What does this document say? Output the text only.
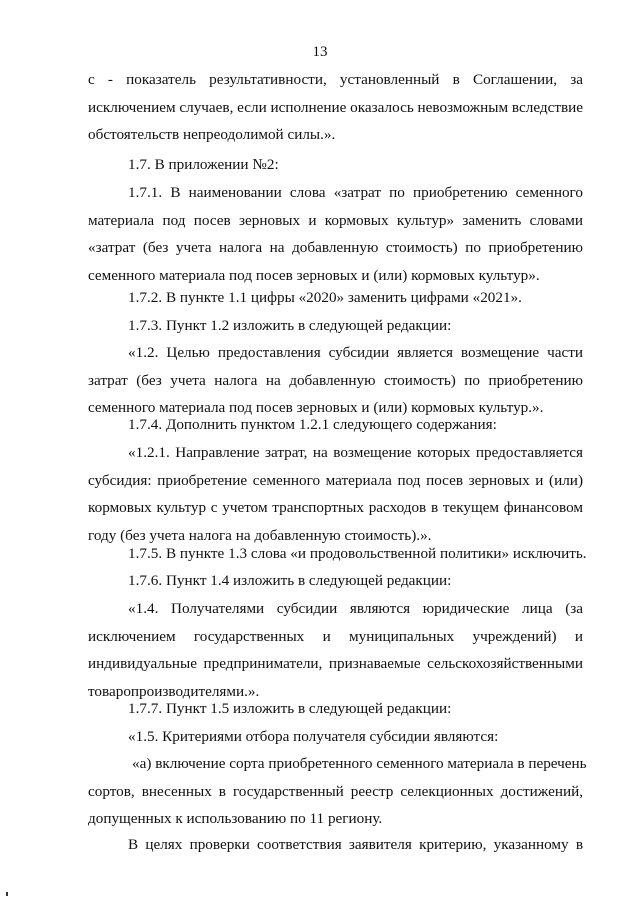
13
с - показатель результативности, установленный в Соглашении, за
исключением случаев, если исполнение оказалось невозможным вследствие
обстоятельств непреодолимой силы.».
1.7. В приложении №2:
1.7.1. В наименовании слова «затрат по приобретению семенного
материала под посев зерновых и кормовых культур» заменить словами
«затрат (без учета налога на добавленную стоимость) по приобретению
семенного материала под посев зерновых и (или) кормовых культур».
1.7.2. В пункте 1.1 цифры «2020» заменить цифрами «2021».
1.7.3. Пункт 1.2 изложить в следующей редакции:
«1.2. Целью предоставления субсидии является возмещение части
затрат (без учета налога на добавленную стоимость) по приобретению
семенного материала под посев зерновых и (или) кормовых культур.».
1.7.4. Дополнить пунктом 1.2.1 следующего содержания:
«1.2.1. Направление затрат, на возмещение которых предоставляется
субсидия: приобретение семенного материала под посев зерновых и (или)
кормовых культур с учетом транспортных расходов в текущем финансовом
году (без учета налога на добавленную стоимость).».
1.7.5. В пункте 1.3 слова «и продовольственной политики» исключить.
1.7.6. Пункт 1.4 изложить в следующей редакции:
«1.4. Получателями субсидии являются юридические лица (за
исключением государственных и муниципальных учреждений) и
индивидуальные предприниматели, признаваемые сельскохозяйственными
товаропроизводителями.».
1.7.7. Пункт 1.5 изложить в следующей редакции:
«1.5. Критериями отбора получателя субсидии являются:
«а) включение сорта приобретенного семенного материала в перечень
сортов, внесенных в государственный реестр селекционных достижений,
допущенных к использованию по 11 региону.
В целях проверки соответствия заявителя критерию, указанному в
